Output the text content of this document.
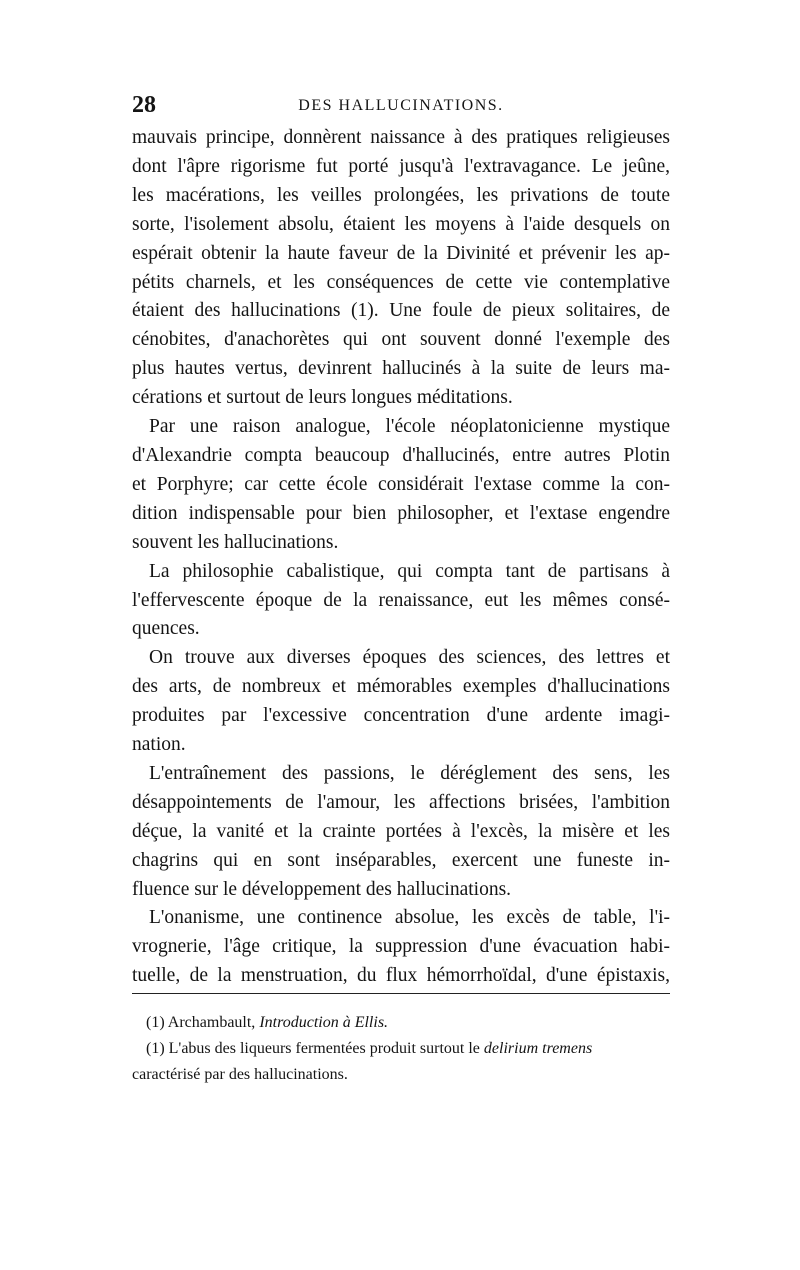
28	DES HALLUCINATIONS.

mauvais principe, donnèrent naissance à des pratiques religieuses

dont l'âpre rigorisme fut porté jusqu'à l'extravagance. Le jeûne,

les macérations, les veilles prolongées, les privations de toute

sorte, l'isolement absolu, étaient les moyens à l'aide desquels on

espérait obtenir la haute faveur de la Divinité et prévenir les ap-

pétits charnels, et les conséquences de cette vie contemplative

étaient des hallucinations (1). Une foule de pieux solitaires, de

cénobites, d'anachorètes qui ont souvent donné l'exemple des

plus hautes vertus, devinrent hallucinés à la suite de leurs ma-

cérations et surtout de leurs longues méditations.

Par une raison analogue, l'école néoplatonicienne mystique

d'Alexandrie compta beaucoup d'hallucinés, entre autres Plotin

et Porphyre; car cette école considérait l'extase comme la con-

dition indispensable pour bien philosopher, et l'extase engendre

souvent les hallucinations.

La philosophie cabalistique, qui compta tant de partisans à

l'effervescente époque de la renaissance, eut les mêmes consé-

quences.

On trouve aux diverses époques des sciences, des lettres et

des arts, de nombreux et mémorables exemples d'hallucinations

produites par l'excessive concentration d'une ardente imagi-

nation.

L'entraînement des passions, le déréglement des sens, les

désappointements de l'amour, les affections brisées, l'ambition

déçue, la vanité et la crainte portées à l'excès, la misère et les

chagrins qui en sont inséparables, exercent une funeste in-

fluence sur le développement des hallucinations.

L'onanisme, une continence absolue, les excès de table, l'i-

vrognerie, l'âge critique, la suppression d'une évacuation habi-

tuelle, de la menstruation, du flux hémorrhoïdal, d'une épistaxis,

(1) Archambault, Introduction à Ellis.

(1) L'abus des liqueurs fermentées produit surtout le delirium tremens

caractérisé par des hallucinations.
